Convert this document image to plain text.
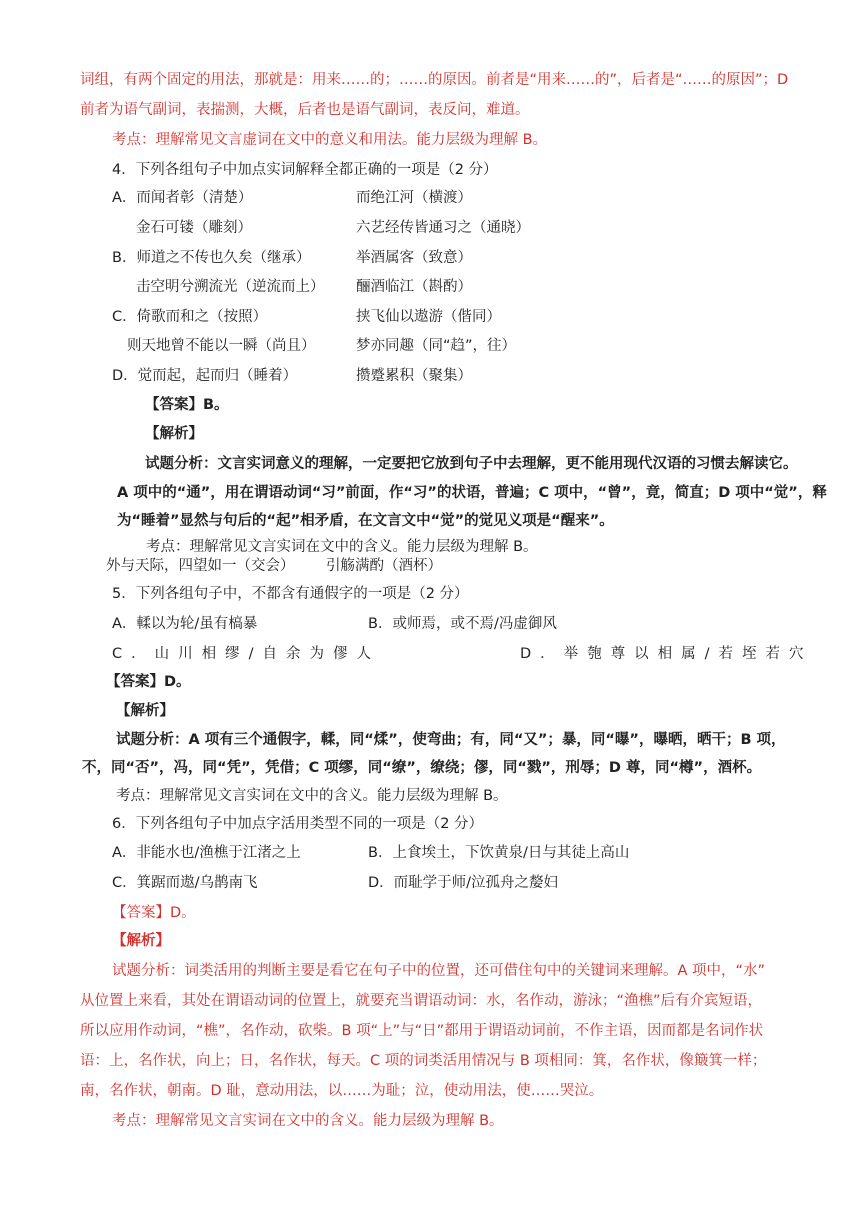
词组，有两个固定的用法，那就是：用来……的；……的原因。前者是“用来……的”，后者是“……的原因”；D
前者为语气副词，表揣测，大概，后者也是语气副词，表反问，难道。
考点：理解常见文言虚词在文中的意义和用法。能力层级为理解 B。
4．下列各组句子中加点实词解释全都正确的一项是（2 分）
A．而闻者彰（清楚）	而绝江河（横渡）
金石可镂（雕刻）	六艺经传皆通习之（通晓）
B．师道之不传也久矣（继承）	举酒属客（致意）
击空明兮溯流光（逆流而上） 酾酒临江（斟酌）
C．倚歌而和之（按照）	挟飞仙以遨游（偕同）
则天地曾不能以一瞬（尚且）	梦亦同趣（同“趋”，往）
D．觉而起，起而归（睡着）	攒蹙累积（聚集）
【答案】B。
【解析】
试题分析：文言实词意义的理解，一定要把它放到句子中去理解，更不能用现代汉语的习惯去解读它。
A 项中的“通”，用在谓语动词“习”前面，作“习”的状语，普遍；C 项中，“曾”，竟，简直；D 项中“觉”，释
为“睡着”显然与句后的“起”相矛盾，在文言文中“觉”的觉见义项是“醒来”。
考点：理解常见文言实词在文中的含义。能力层级为理解 B。
外与天际，四望如一（交会） 引觞满酌（酒杯）
5．下列各组句子中，不都含有通假字的一项是（2 分）
A．輮以为轮/虽有槁暴	B．或师焉，或不焉/冯虚御风
C．山川相缪/自余为僇人	D．举匏尊以相属/若垤若穴
【答案】D。
【解析】
试题分析：A 项有三个通假字，輮，同“煣”，使弯曲；有，同“又”；暴，同“曝”，曝晒，晒干；B 项，
不，同“否”，冯，同“凭”，凭借；C 项缪，同“缭”，缭绕；僇，同“戮”，刑辱；D 尊，同“樽”，酒杯。
考点：理解常见文言实词在文中的含义。能力层级为理解 B。
6．下列各组句子中加点字活用类型不同的一项是（2 分）
A．非能水也/渔樵于江渚之上	B．上食埃土，下饮黄泉/日与其徒上高山
C．箕踞而遨/乌鹊南飞	D．而耻学于师/泣孤舟之嫠妇
【答案】D。
【解析】
试题分析：词类活用的判断主要是看它在句子中的位置，还可借住句中的关键词来理解。A 项中，“水”
从位置上来看，其处在谓语动词的位置上，就要充当谓语动词：水，名作动，游泳；“渔樵”后有介宾短语，
所以应用作动词，“樵”，名作动，砍柴。B 项“上”与“日”都用于谓语动词前，不作主语，因而都是名词作状
语：上，名作状，向上；日，名作状，每天。C 项的词类活用情况与 B 项相同：箕，名作状，像簸箕一样；
南，名作状，朝南。D 耻，意动用法，以……为耻；泣，使动用法，使……哭泣。
考点：理解常见文言实词在文中的含义。能力层级为理解 B。
